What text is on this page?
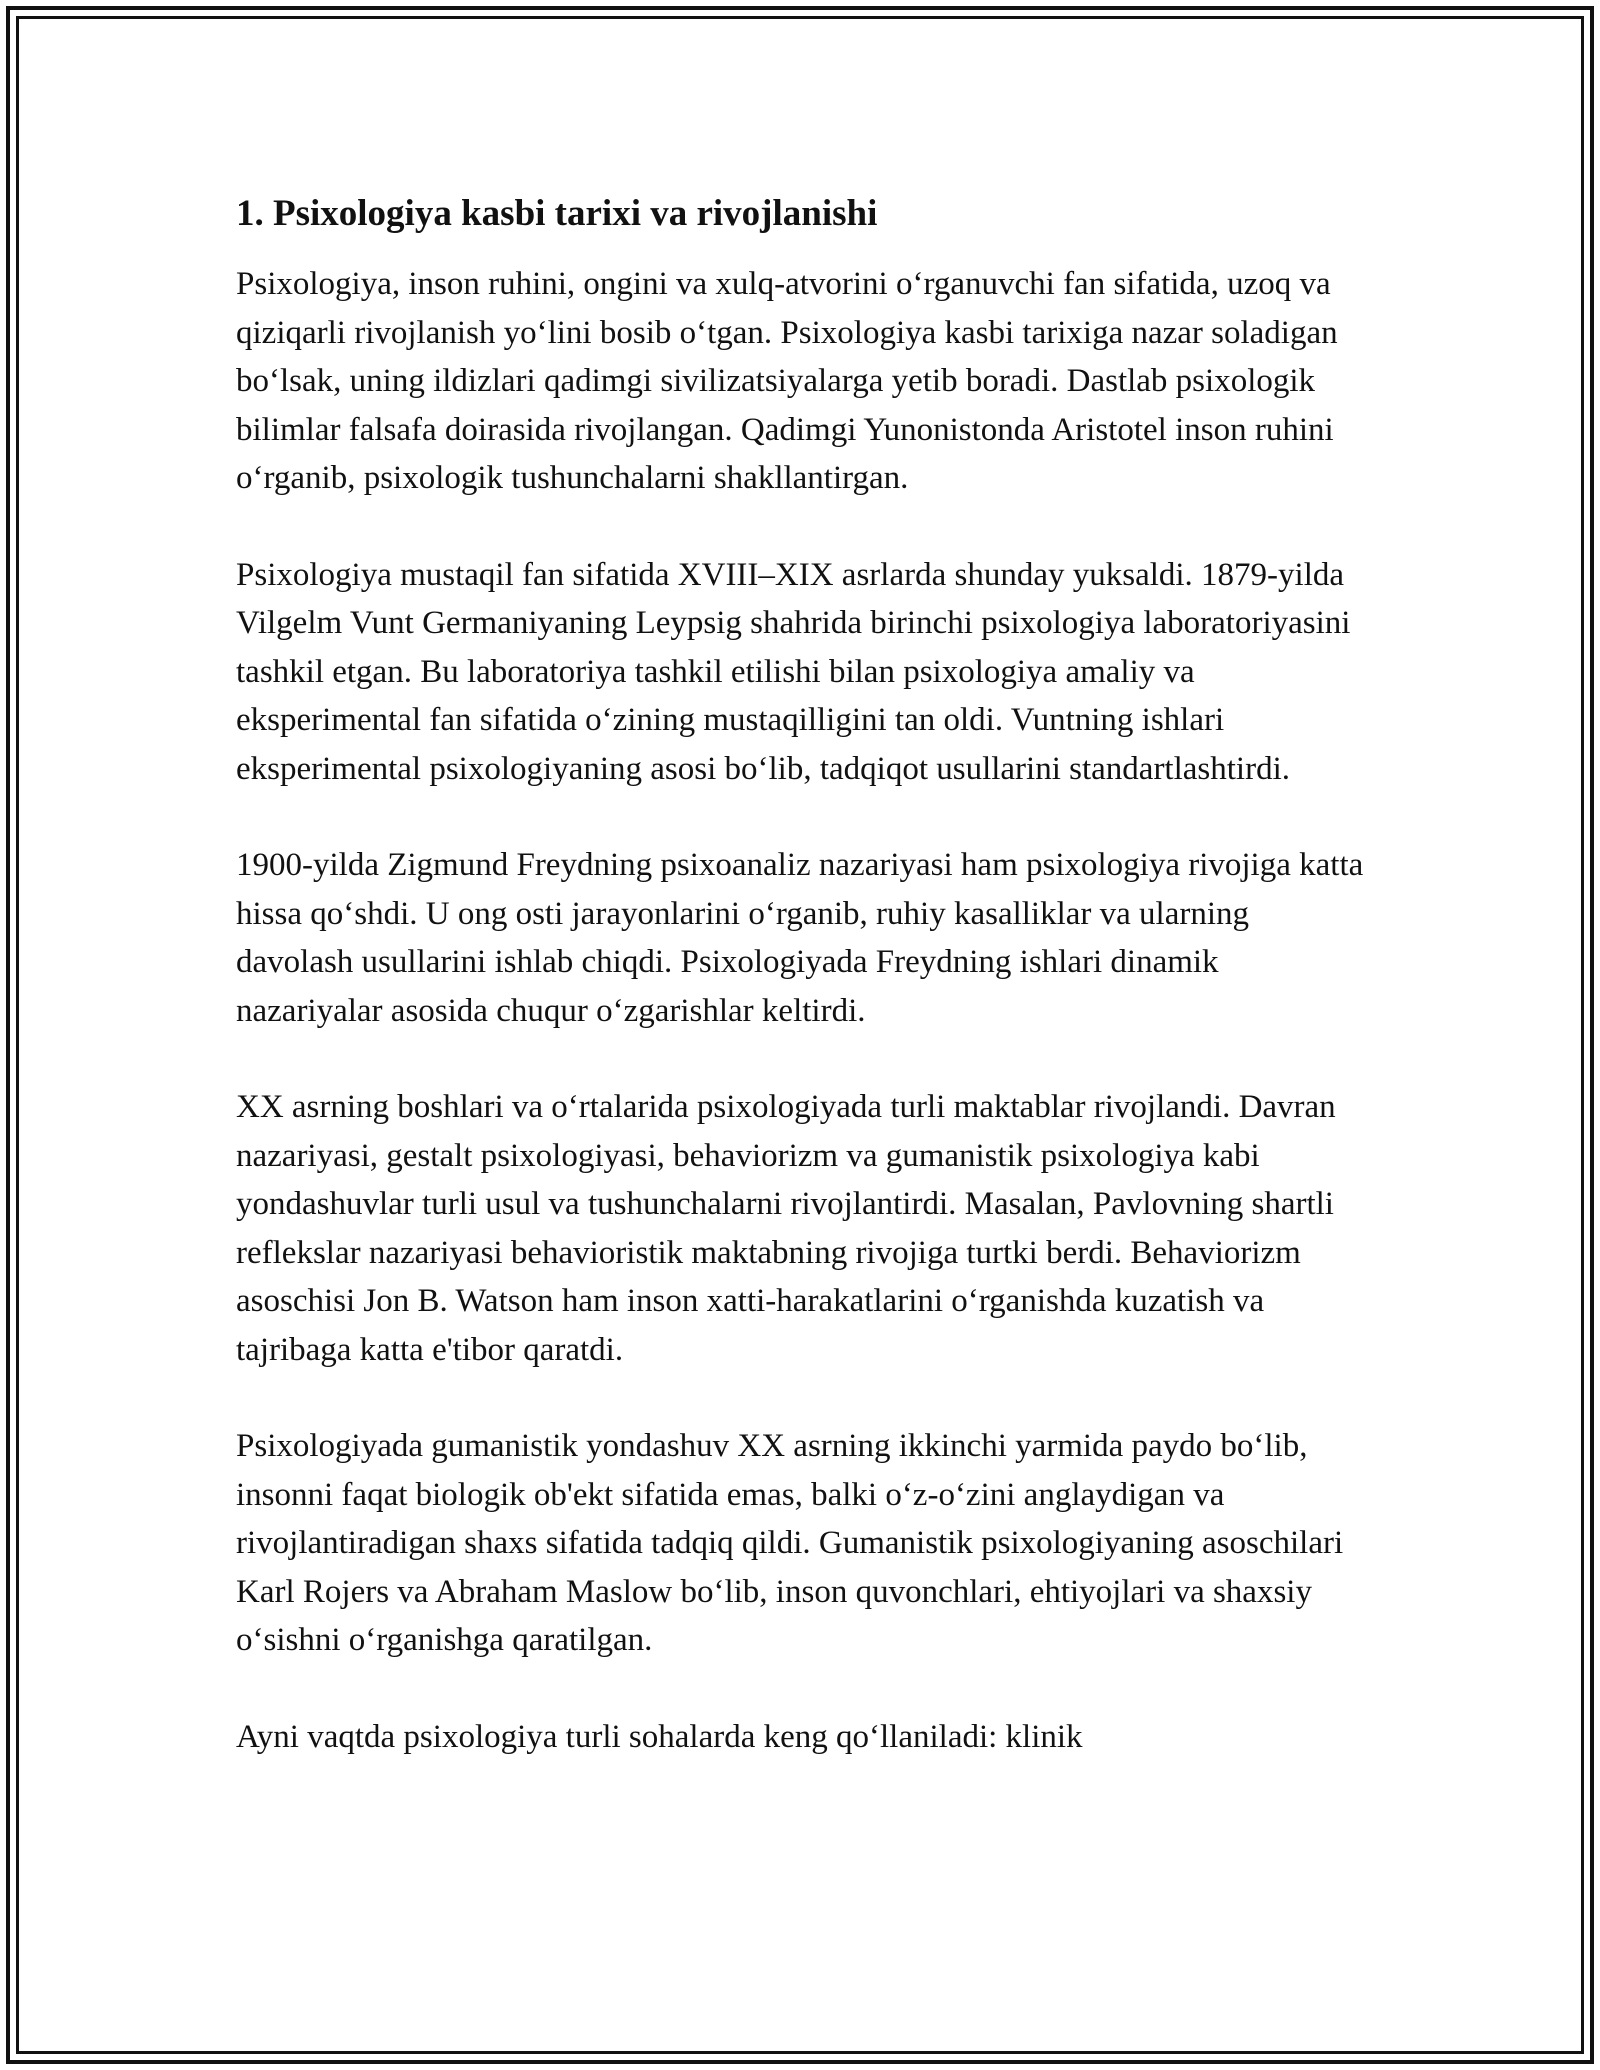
1. Psixologiya kasbi tarixi va rivojlanishi

Psixologiya, inson ruhini, ongini va xulq-atvorini o‘rganuvchi fan sifatida, uzoq va qiziqarli rivojlanish yo‘lini bosib o‘tgan. Psixologiya kasbi tarixiga nazar soladigan bo‘lsak, uning ildizlari qadimgi sivilizatsiyalarga yetib boradi. Dastlab psixologik bilimlar falsafa doirasida rivojlangan. Qadimgi Yunonistonda Aristotel inson ruhini o‘rganib, psixologik tushunchalarni shakllantirgan.

Psixologiya mustaqil fan sifatida XVIII–XIX asrlarda shunday yuksaldi. 1879-yilda Vilgelm Vunt Germaniyaning Leypsig shahrida birinchi psixologiya laboratoriyasini tashkil etgan. Bu laboratoriya tashkil etilishi bilan psixologiya amaliy va eksperimental fan sifatida o‘zining mustaqilligini tan oldi. Vuntning ishlari eksperimental psixologiyaning asosi bo‘lib, tadqiqot usullarini standartlashtirdi.

1900-yilda Zigmund Freydning psixoanaliz nazariyasi ham psixologiya rivojiga katta hissa qo‘shdi. U ong osti jarayonlarini o‘rganib, ruhiy kasalliklar va ularning davolash usullarini ishlab chiqdi. Psixologiyada Freydning ishlari dinamik nazariyalar asosida chuqur o‘zgarishlar keltirdi.

XX asrning boshlari va o‘rtalarida psixologiyada turli maktablar rivojlandi. Davran nazariyasi, gestalt psixologiyasi, behaviorizm va gumanistik psixologiya kabi yondashuvlar turli usul va tushunchalarni rivojlantirdi. Masalan, Pavlovning shartli reflekslar nazariyasi behavioristik maktabning rivojiga turtki berdi. Behaviorizm asoschisi Jon B. Watson ham inson xatti-harakatlarini o‘rganishda kuzatish va tajribaga katta e'tibor qaratdi.

Psixologiyada gumanistik yondashuv XX asrning ikkinchi yarmida paydo bo‘lib, insonni faqat biologik ob'ekt sifatida emas, balki o‘z-o‘zini anglaydigan va rivojlantiradigan shaxs sifatida tadqiq qildi. Gumanistik psixologiyaning asoschilari Karl Rojers va Abraham Maslow bo‘lib, inson quvonchlari, ehtiyojlari va shaxsiy o‘sishni o‘rganishga qaratilgan.

Ayni vaqtda psixologiya turli sohalarda keng qo‘llaniladi: klinik
